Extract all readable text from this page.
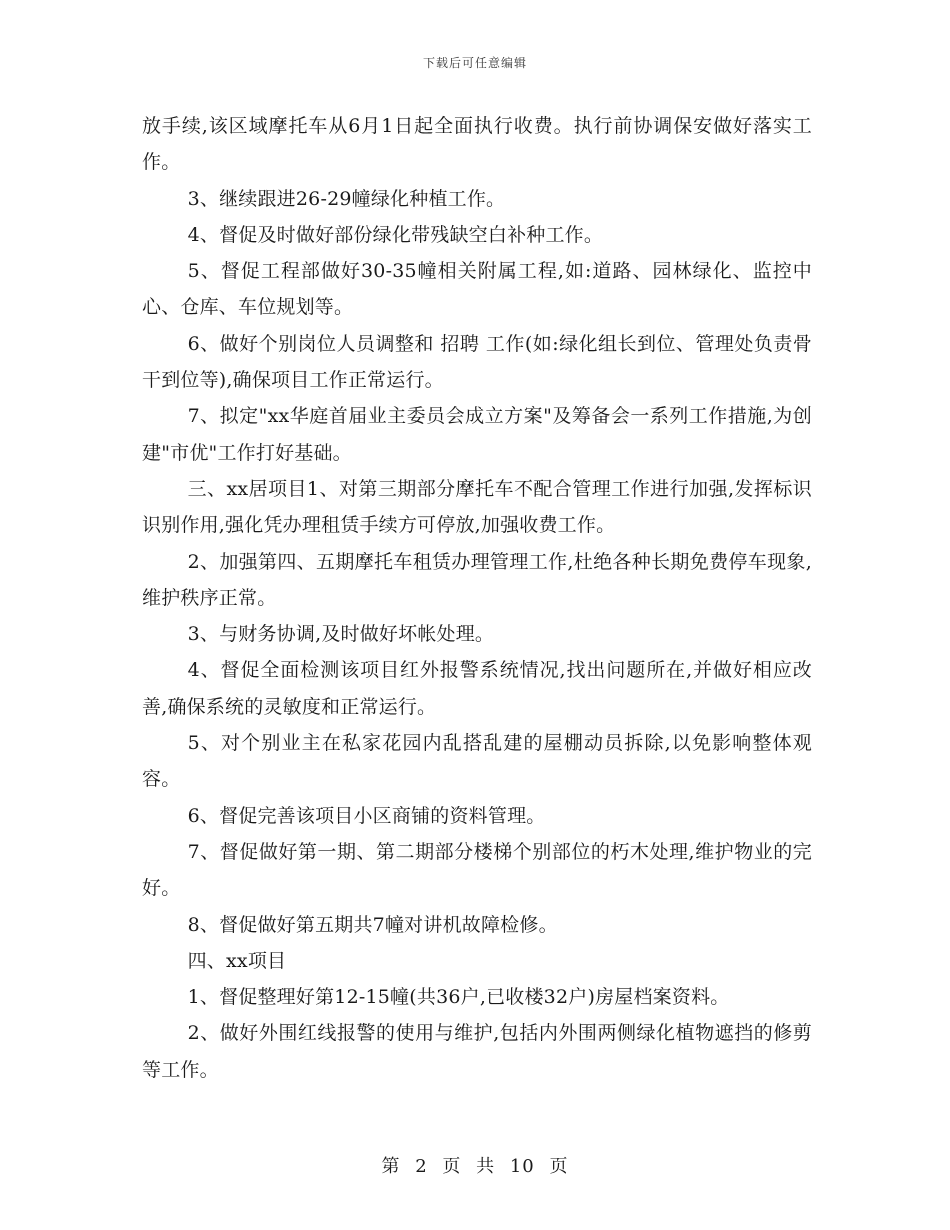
下载后可任意编辑

放手续,该区域摩托车从6月1日起全面执行收费。执行前协调保安做好落实工作。

3、继续跟进26-29幢绿化种植工作。

4、督促及时做好部份绿化带残缺空白补种工作。

5、督促工程部做好30-35幢相关附属工程,如:道路、园林绿化、监控中心、仓库、车位规划等。

6、做好个别岗位人员调整和 招聘 工作(如:绿化组长到位、管理处负责骨干到位等),确保项目工作正常运行。

7、拟定"xx华庭首届业主委员会成立方案"及筹备会一系列工作措施,为创建"市优"工作打好基础。

三、xx居项目1、对第三期部分摩托车不配合管理工作进行加强,发挥标识识别作用,强化凭办理租赁手续方可停放,加强收费工作。

2、加强第四、五期摩托车租赁办理管理工作,杜绝各种长期免费停车现象,维护秩序正常。

3、与财务协调,及时做好坏帐处理。

4、督促全面检测该项目红外报警系统情况,找出问题所在,并做好相应改善,确保系统的灵敏度和正常运行。

5、对个别业主在私家花园内乱搭乱建的屋棚动员拆除,以免影响整体观容。

6、督促完善该项目小区商铺的资料管理。

7、督促做好第一期、第二期部分楼梯个别部位的朽木处理,维护物业的完好。

8、督促做好第五期共7幢对讲机故障检修。

四、xx项目

1、督促整理好第12-15幢(共36户,已收楼32户)房屋档案资料。

2、做好外围红线报警的使用与维护,包括内外围两侧绿化植物遮挡的修剪等工作。

第 2 页 共 10 页
